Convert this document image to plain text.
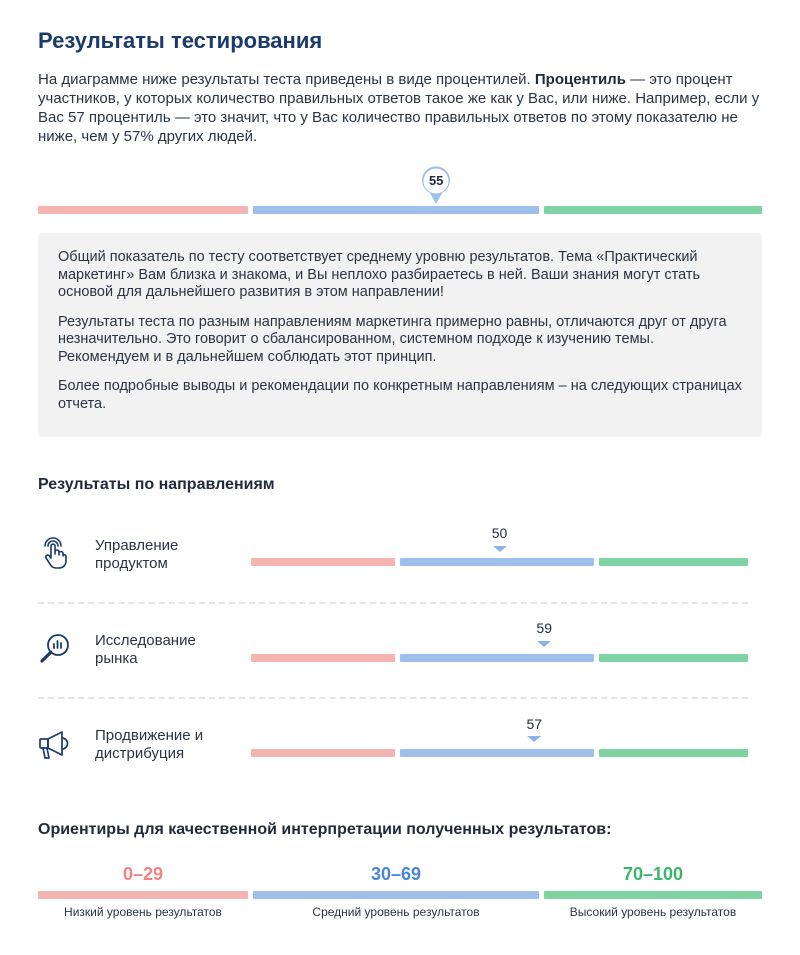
Результаты тестирования
На диаграмме ниже результаты теста приведены в виде процентилей. Процентиль — это процент участников, у которых количество правильных ответов такое же как у Вас, или ниже. Например, если у Вас 57 процентиль — это значит, что у Вас количество правильных ответов по этому показателю не ниже, чем у 57% других людей.
55

Общий показатель по тесту соответствует среднему уровню результатов. Тема «Практический маркетинг» Вам близка и знакома, и Вы неплохо разбираетесь в ней. Ваши знания могут стать основой для дальнейшего развития в этом направлении!

Результаты теста по разным направлениям маркетинга примерно равны, отличаются друг от друга незначительно. Это говорит о сбалансированном, системном подходе к изучению темы. Рекомендуем и в дальнейшем соблюдать этот принцип.

Более подробные выводы и рекомендации по конкретным направлениям – на следующих страницах отчета.

Результаты по направлениям
Управление продуктом
50
Исследование рынка
59
Продвижение и дистрибуция
57
Ориентиры для качественной интерпретации полученных результатов:
0–29	30–69	70–100
Низкий уровень результатов	Средний уровень результатов	Высокий уровень результатов
